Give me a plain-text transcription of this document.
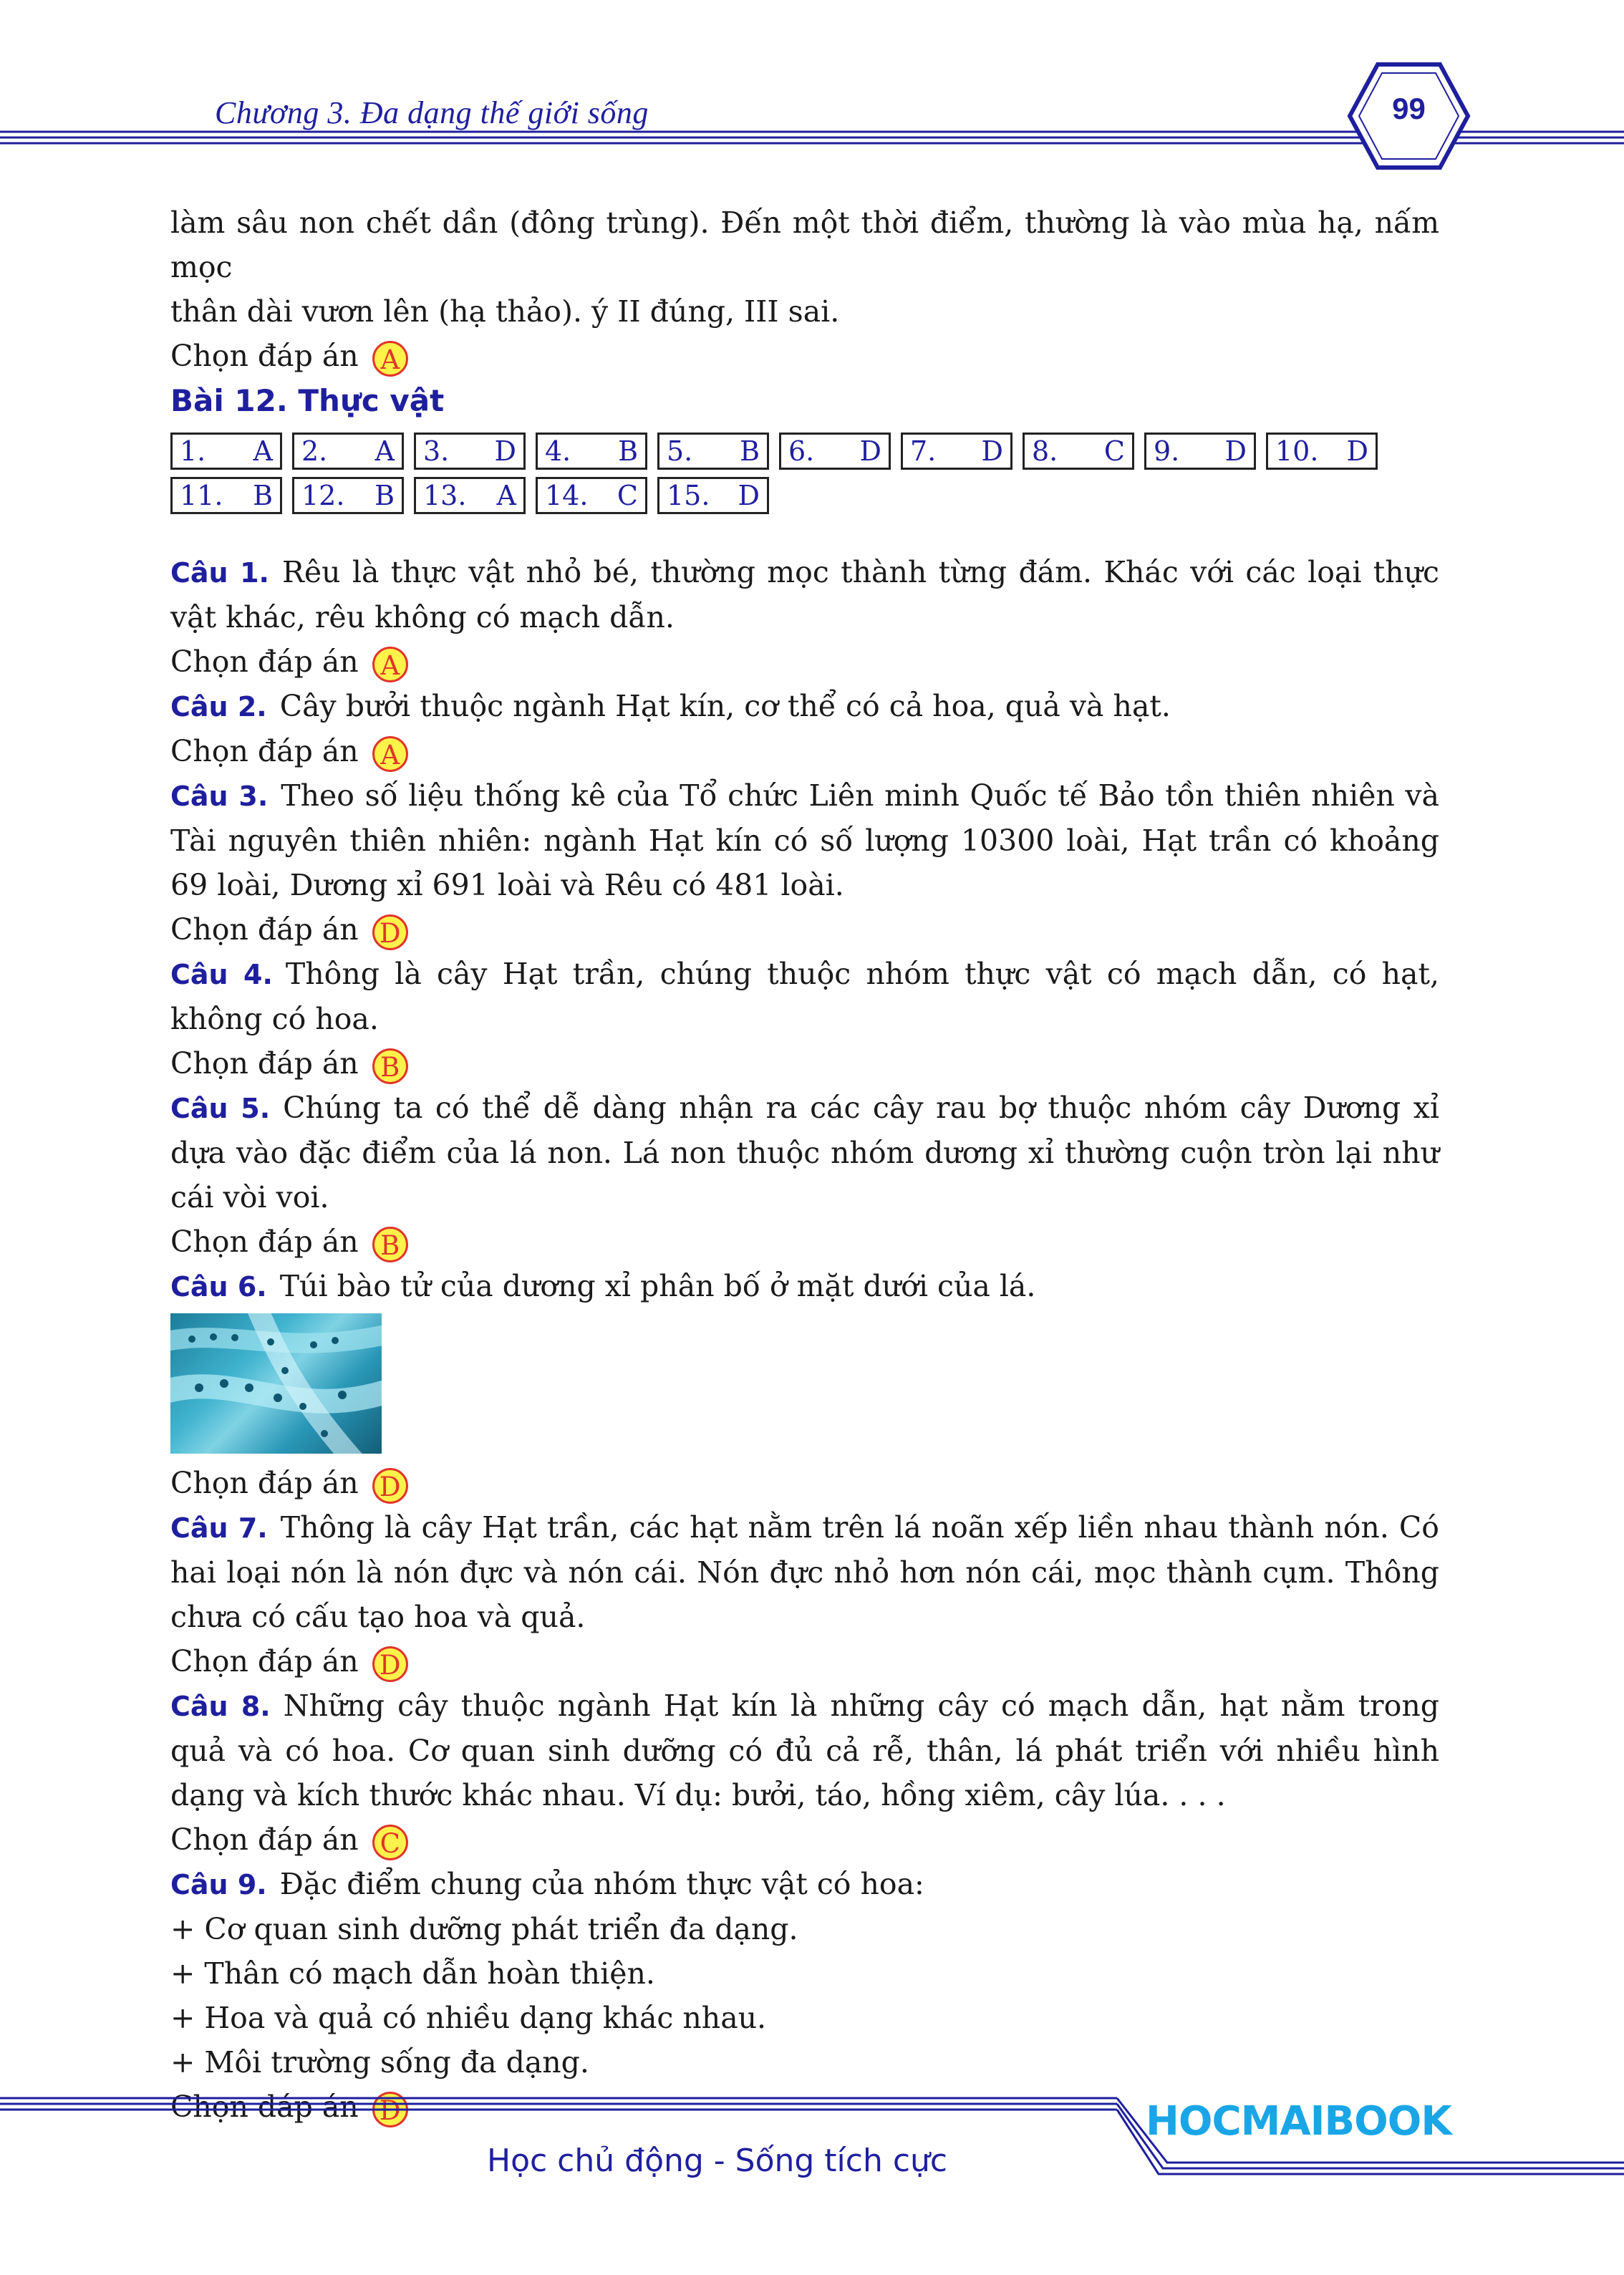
Chương 3. Đa dạng thế giới sống	99

làm sâu non chết dần (đông trùng). Đến một thời điểm, thường là vào mùa hạ, nấm mọc

thân dài vươn lên (hạ thảo). ý II đúng, III sai.

Chọn đáp án A

Bài 12. Thực vật
1. A 2. A 3. D 4. B 5. B 6. D 7. D 8. C 9. D 10. D
11. B 12. B 13. A 14. C 15. D

Câu 1. Rêu là thực vật nhỏ bé, thường mọc thành từng đám. Khác với các loại thực vật khác, rêu không có mạch dẫn.

Chọn đáp án A

Câu 2. Cây bưởi thuộc ngành Hạt kín, cơ thể có cả hoa, quả và hạt.

Chọn đáp án A

Câu 3. Theo số liệu thống kê của Tổ chức Liên minh Quốc tế Bảo tồn thiên nhiên và Tài nguyên thiên nhiên: ngành Hạt kín có số lượng 10300 loài, Hạt trần có khoảng 69 loài, Dương xỉ 691 loài và Rêu có 481 loài.

Chọn đáp án D

Câu 4. Thông là cây Hạt trần, chúng thuộc nhóm thực vật có mạch dẫn, có hạt, không có hoa.

Chọn đáp án B

Câu 5. Chúng ta có thể dễ dàng nhận ra các cây rau bợ thuộc nhóm cây Dương xỉ dựa vào đặc điểm của lá non. Lá non thuộc nhóm dương xỉ thường cuộn tròn lại như cái vòi voi.

Chọn đáp án B

Câu 6. Túi bào tử của dương xỉ phân bố ở mặt dưới của lá.

Chọn đáp án D

Câu 7. Thông là cây Hạt trần, các hạt nằm trên lá noãn xếp liền nhau thành nón. Có hai loại nón là nón đực và nón cái. Nón đực nhỏ hơn nón cái, mọc thành cụm. Thông chưa có cấu tạo hoa và quả.

Chọn đáp án D

Câu 8. Những cây thuộc ngành Hạt kín là những cây có mạch dẫn, hạt nằm trong quả và có hoa. Cơ quan sinh dưỡng có đủ cả rễ, thân, lá phát triển với nhiều hình dạng và kích thước khác nhau. Ví dụ: bưởi, táo, hồng xiêm, cây lúa. . . .

Chọn đáp án C

Câu 9. Đặc điểm chung của nhóm thực vật có hoa:

+ Cơ quan sinh dưỡng phát triển đa dạng.

+ Thân có mạch dẫn hoàn thiện.

+ Hoa và quả có nhiều dạng khác nhau.

+ Môi trường sống đa dạng.

Chọn đáp án D	HOCMAIBOOK
Học chủ động - Sống tích cực
